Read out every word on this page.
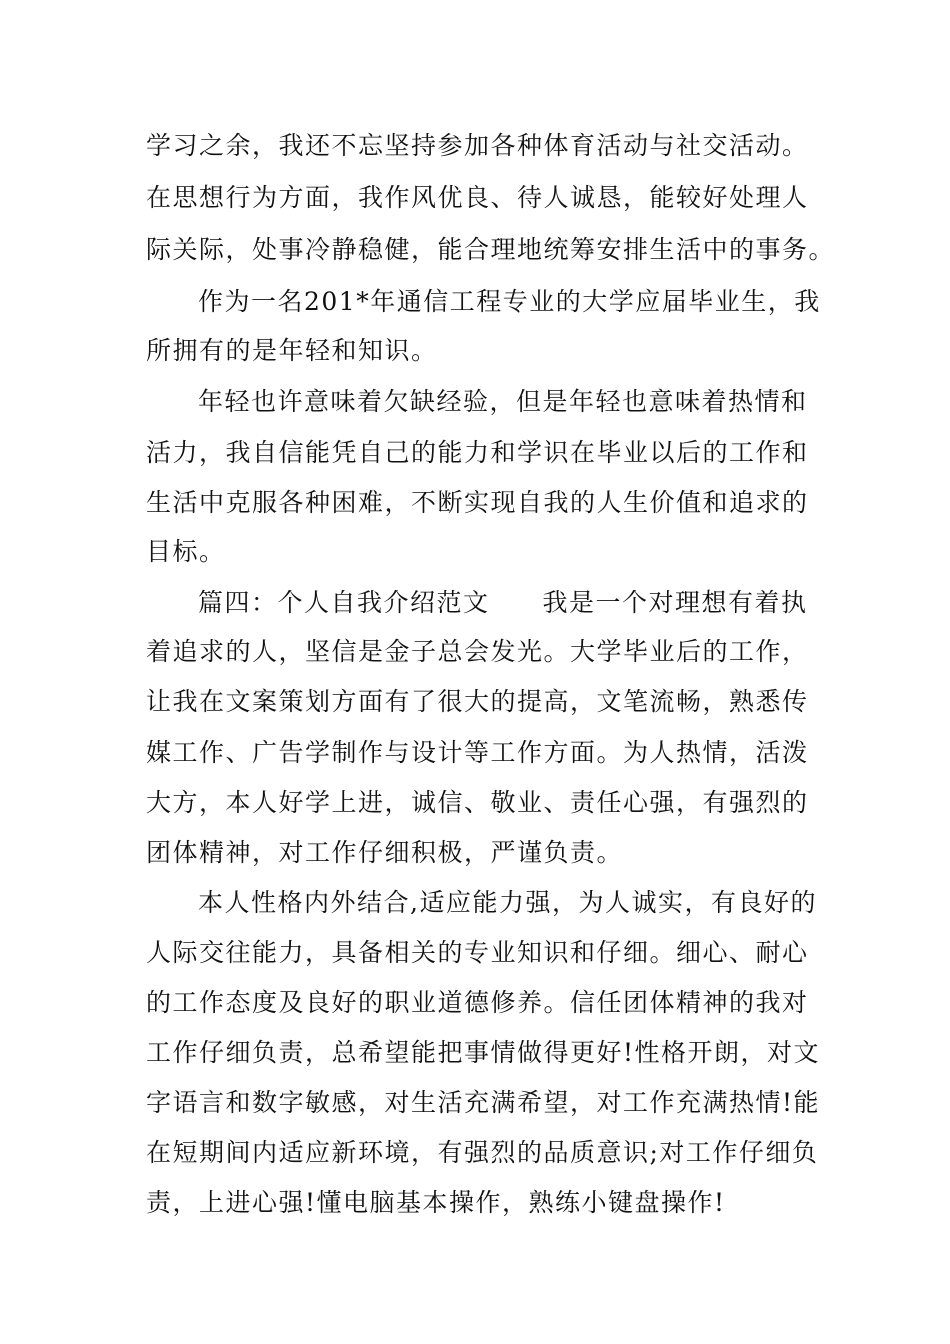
学习之余，我还不忘坚持参加各种体育活动与社交活动。
在思想行为方面，我作风优良、待人诚恳，能较好处理人
际关际，处事冷静稳健，能合理地统筹安排生活中的事务。
作为一名201*年通信工程专业的大学应届毕业生，我
所拥有的是年轻和知识。
年轻也许意味着欠缺经验，但是年轻也意味着热情和
活力，我自信能凭自己的能力和学识在毕业以后的工作和
生活中克服各种困难，不断实现自我的人生价值和追求的
目标。
篇四：个人自我介绍范文　　我是一个对理想有着执
着追求的人，坚信是金子总会发光。大学毕业后的工作，
让我在文案策划方面有了很大的提高，文笔流畅，熟悉传
媒工作、广告学制作与设计等工作方面。为人热情，活泼
大方，本人好学上进，诚信、敬业、责任心强，有强烈的
团体精神，对工作仔细积极，严谨负责。
本人性格内外结合,适应能力强，为人诚实，有良好的
人际交往能力，具备相关的专业知识和仔细。细心、耐心
的工作态度及良好的职业道德修养。信任团体精神的我对
工作仔细负责，总希望能把事情做得更好!性格开朗，对文
字语言和数字敏感，对生活充满希望，对工作充满热情!能
在短期间内适应新环境，有强烈的品质意识;对工作仔细负
责，上进心强!懂电脑基本操作，熟练小键盘操作!
